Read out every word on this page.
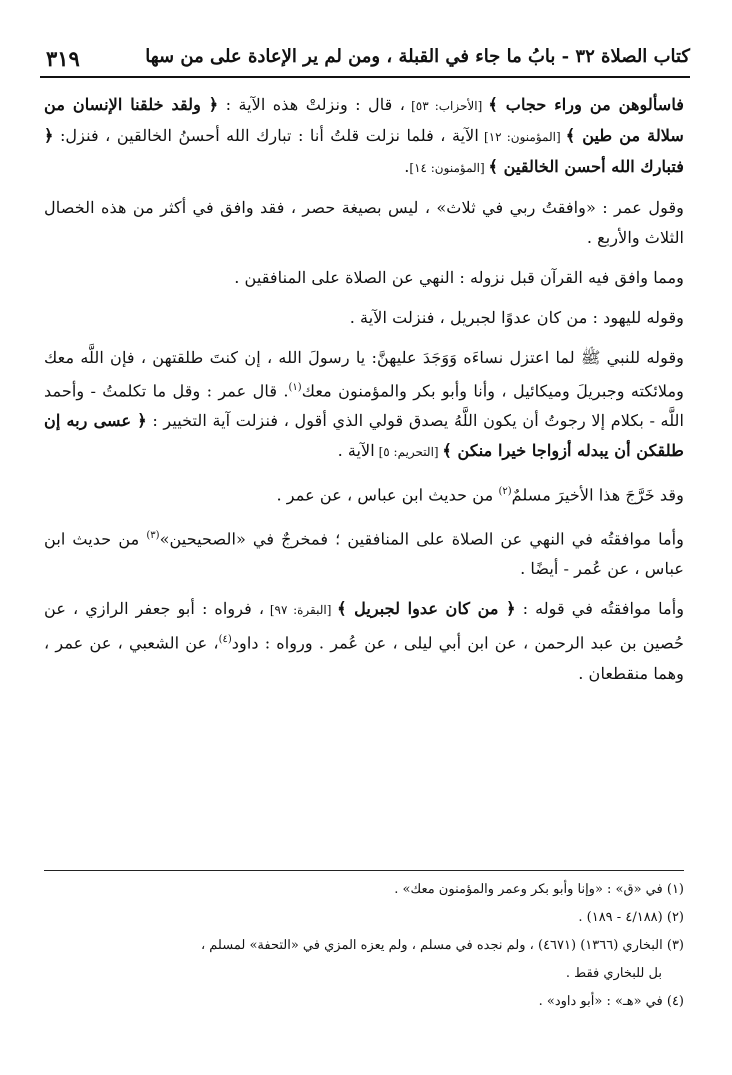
٣١٩	كتاب الصلاة ٣٢ - بابُ ما جاء في القبلة ، ومن لم ير الإعادة على من سها

فاسألوهن من وراء حجاب ﴾ [الأحزاب: ٥٣] ، قال : ونزلتْ هذه الآية : ﴿ ولقد خلقنا الإنسان من سلالة من طين ﴾ [المؤمنون: ١٢] الآية ، فلما نزلت قلتُ أنا : تبارك الله أحسنُ الخالقين ، فنزل: ﴿ فتبارك الله أحسن الخالقين ﴾ [المؤمنون: ١٤].

وقول عمر : «وافقتُ ربي في ثلاث» ، ليس بصيغة حصر ، فقد وافق في أكثر من هذه الخصال الثلاث والأربع .

ومما وافق فيه القرآن قبل نزوله : النهي عن الصلاة على المنافقين .

وقوله لليهود : من كان عدوًا لجبريل ، فنزلت الآية .

وقوله للنبي ﷺ لما اعتزل نساءَه وَوَجَدَ عليهنَّ: يا رسولَ الله ، إن كنتَ طلقتهن ، فإن اللَّه معك وملائكته وجبريلَ وميكائيل ، وأنا وأبو بكر والمؤمنون معك$^{(١)}$. قال عمر : وقل ما تكلمتُ - وأحمد اللَّه - بكلام إلا رجوتُ أن يكون اللَّهُ يصدق قولي الذي أقول ، فنزلت آية التخيير : ﴿ عسى ربه إن طلقكن أن يبدله أزواجا خيرا منكن ﴾ [التحريم: ٥] الآية .

وقد خَرَّجَ هذا الأخيرَ مسلمٌ$^{(٢)}$ من حديث ابن عباس ، عن عمر .

وأما موافقتُه في النهي عن الصلاة على المنافقين ؛ فمخرجٌ في «الصحيحين»$^{(٣)}$ من حديث ابن عباس ، عن عُمر - أيضًا .

وأما موافقتُه في قوله : ﴿ من كان عدوا لجبريل ﴾ [البقرة: ٩٧] ، فرواه : أبو جعفر الرازي ، عن حُصين بن عبد الرحمن ، عن ابن أبي ليلى ، عن عُمر . ورواه : داود$^{(٤)}$، عن الشعبي ، عن عمر ، وهما منقطعان .

(١) في «ق» : «وإنا وأبو بكر وعمر والمؤمنون معك» .

(٢) (٤/١٨٨ - ١٨٩) .

(٣) البخاري (١٣٦٦) (٤٦٧١) ، ولم نجده في مسلم ، ولم يعزه المزي في «التحفة» لمسلم ،

بل للبخاري فقط .

(٤) في «هـ» : «أبو داود» .
